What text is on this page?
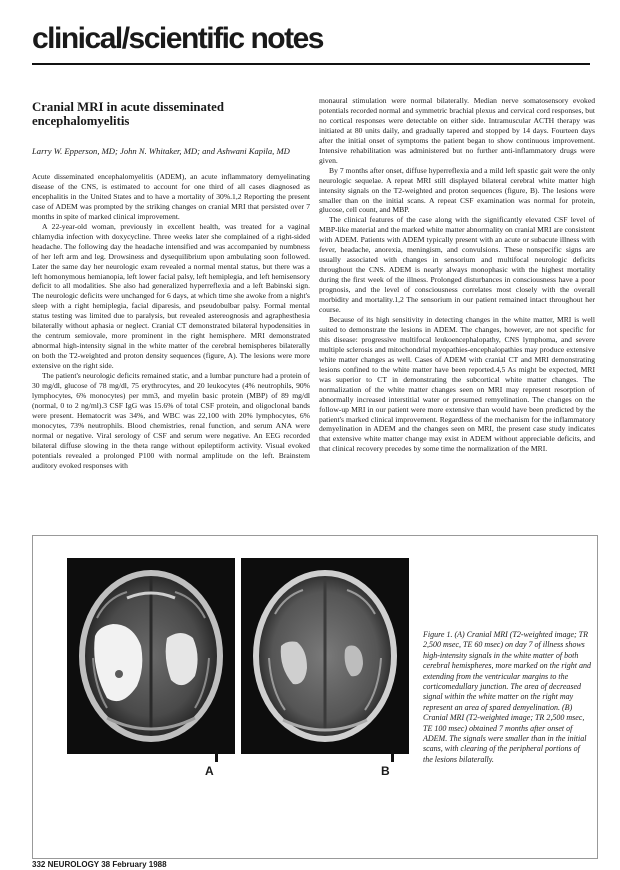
clinical/scientific notes
Cranial MRI in acute disseminated encephalomyelitis

Larry W. Epperson, MD; John N. Whitaker, MD; and Ashwani Kapila, MD

Acute disseminated encephalomyelitis (ADEM), an acute inflammatory demyelinating disease of the CNS, is estimated to account for one third of all cases diagnosed as encephalitis in the United States and to have a mortality of 30%.1,2 Reporting the present case of ADEM was prompted by the striking changes on cranial MRI that persisted over 7 months in spite of marked clinical improvement.

A 22-year-old woman, previously in excellent health, was treated for a vaginal chlamydia infection with doxycycline. Three weeks later she complained of a right-sided headache. The following day the headache intensified and was accompanied by numbness of her left arm and leg. Drowsiness and dysequilibrium upon ambulating soon followed. Later the same day her neurologic exam revealed a normal mental status, but there was a left homonymous hemianopia, left lower facial palsy, left hemiplegia, and left hemisensory deficit to all modalities. She also had generalized hyperreflexia and a left Babinski sign. The neurologic deficits were unchanged for 6 days, at which time she awoke from a night's sleep with a right hemiplegia, facial diparesis, and pseudobulbar palsy. Formal mental status testing was limited due to paralysis, but revealed astereognosis and agraphesthesia bilaterally without aphasia or neglect. Cranial CT demonstrated bilateral hypodensities in the centrum semiovale, more prominent in the right hemisphere. MRI demonstrated abnormal high-intensity signal in the white matter of the cerebral hemispheres bilaterally on both the T2-weighted and proton density sequences (figure, A). The lesions were more extensive on the right side.

The patient's neurologic deficits remained static, and a lumbar puncture had a protein of 30 mg/dl, glucose of 78 mg/dl, 75 erythrocytes, and 20 leukocytes (4% neutrophils, 90% lymphocytes, 6% monocytes) per mm3, and myelin basic protein (MBP) of 89 mg/dl (normal, 0 to 2 ng/ml).3 CSF IgG was 15.6% of total CSF protein, and oligoclonal bands were present. Hematocrit was 34%, and WBC was 22,100 with 20% lymphocytes, 6% monocytes, 73% neutrophils. Blood chemistries, renal function, and serum ANA were normal or negative. Viral serology of CSF and serum were negative. An EEG recorded bilateral diffuse slowing in the theta range without epileptiform activity. Visual evoked potentials revealed a prolonged P100 with normal amplitude on the left. Brainstem auditory evoked responses with

monaural stimulation were normal bilaterally. Median nerve somatosensory evoked potentials recorded normal and symmetric brachial plexus and cervical cord responses, but no cortical responses were detectable on either side. Intramuscular ACTH therapy was initiated at 80 units daily, and gradually tapered and stopped by 14 days. Fourteen days after the initial onset of symptoms the patient began to show continuous improvement. Intensive rehabilitation was administered but no further anti-inflammatory drugs were given.

By 7 months after onset, diffuse hyperreflexia and a mild left spastic gait were the only neurologic sequelae. A repeat MRI still displayed bilateral cerebral white matter high intensity signals on the T2-weighted and proton sequences (figure, B). The lesions were smaller than on the initial scans. A repeat CSF examination was normal for protein, glucose, cell count, and MBP.

The clinical features of the case along with the significantly elevated CSF level of MBP-like material and the marked white matter abnormality on cranial MRI are consistent with ADEM. Patients with ADEM typically present with an acute or subacute illness with fever, headache, anorexia, meningism, and convulsions. These nonspecific signs are usually associated with changes in sensorium and multifocal neurologic deficits throughout the CNS. ADEM is nearly always monophasic with the highest mortality during the first week of the illness. Prolonged disturbances in consciousness have a poor prognosis, and the level of consciousness correlates most closely with the overall morbidity and mortality.1,2 The sensorium in our patient remained intact throughout her course.

Because of its high sensitivity in detecting changes in the white matter, MRI is well suited to demonstrate the lesions in ADEM. The changes, however, are not specific for this disease: progressive multifocal leukoencephalopathy, CNS lymphoma, and severe multiple sclerosis and mitochondrial myopathies-encephalopathies may produce extensive white matter changes as well. Cases of ADEM with cranial CT and MRI demonstrating lesions confined to the white matter have been reported.4,5 As might be expected, MRI was superior to CT in demonstrating the subcortical white matter changes. The normalization of the white matter changes seen on MRI may represent resorption of abnormally increased interstitial water or presumed remyelination. The changes on the follow-up MRI in our patient were more extensive than would have been predicted by the patient's marked clinical improvement. Regardless of the mechanism for the inflammatory demyelination in ADEM and the changes seen on MRI, the present case study indicates that extensive white matter change may exist in ADEM without appreciable deficits, and that clinical recovery precedes by some time the normalization of the MRI.

A	B

Figure 1. (A) Cranial MRI (T2-weighted image; TR 2,500 msec, TE 60 msec) on day 7 of illness shows high-intensity signals in the white matter of both cerebral hemispheres, more marked on the right and extending from the ventricular margins to the corticomedullary junction. The area of decreased signal within the white matter on the right may represent an area of spared demyelination. (B) Cranial MRI (T2-weighted image; TR 2,500 msec, TE 100 msec) obtained 7 months after onset of ADEM. The signals were smaller than in the initial scans, with clearing of the peripheral portions of the lesions bilaterally.

332 NEUROLOGY 38 February 1988
